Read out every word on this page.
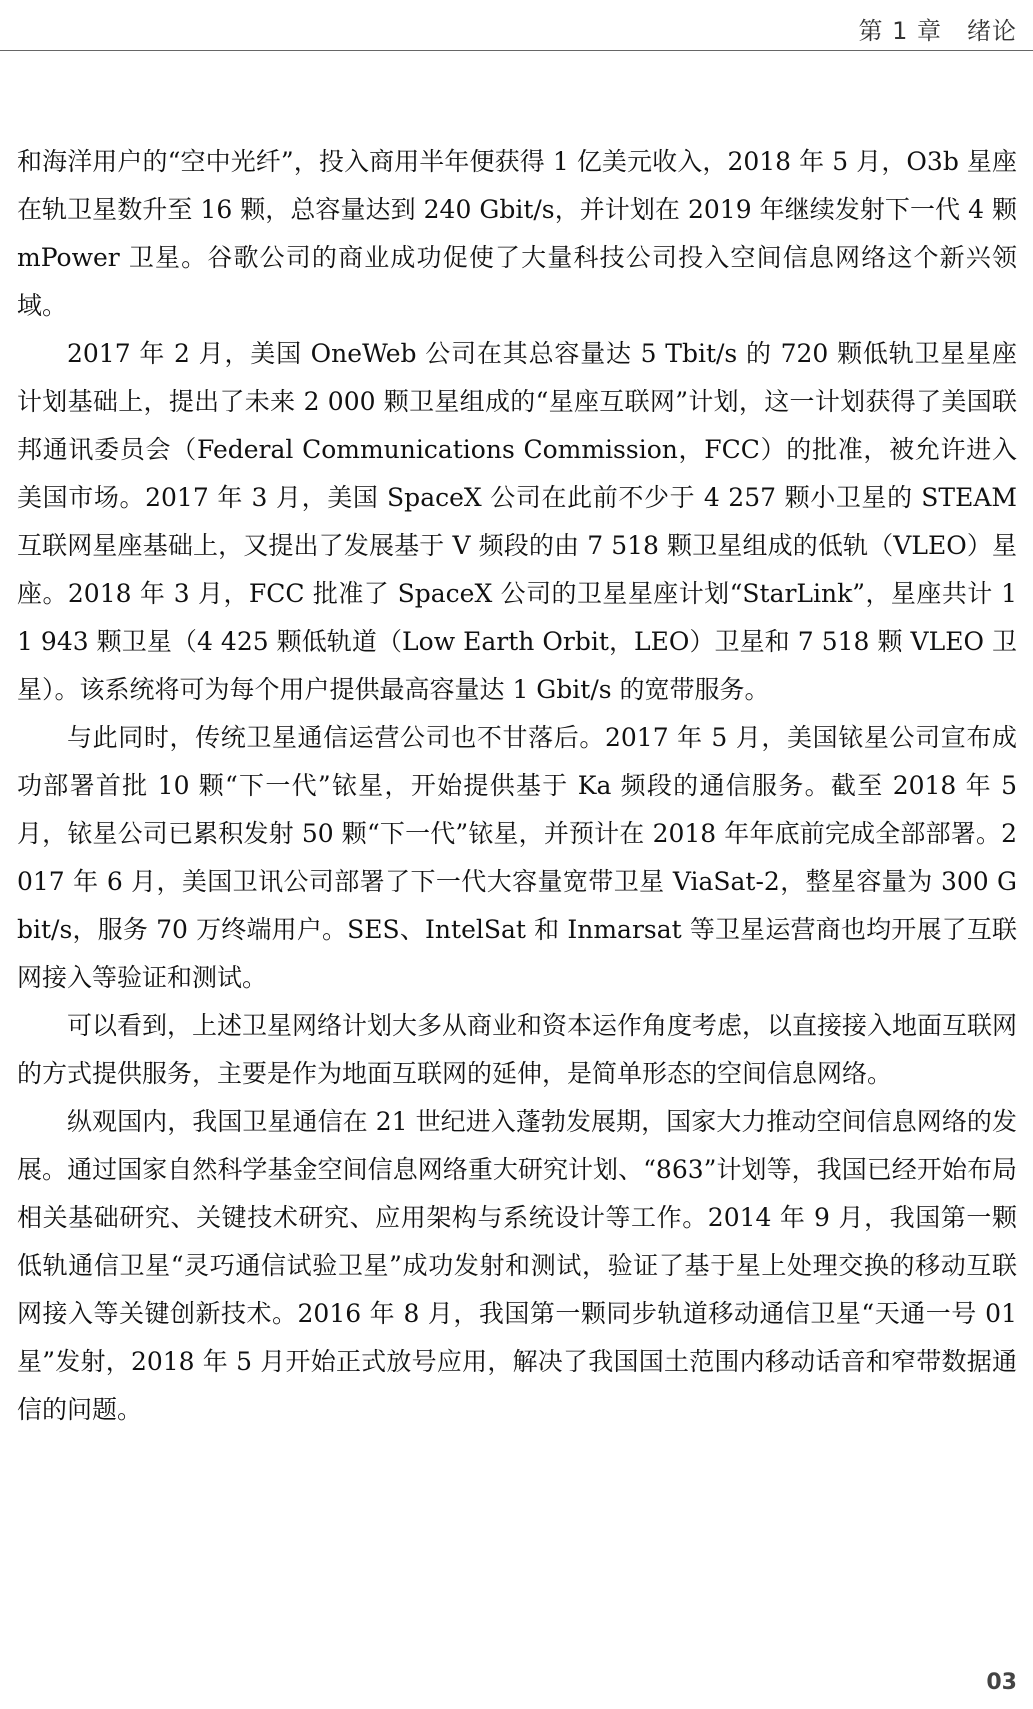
第 1 章　绪论

和海洋用户的“空中光纤”，投入商用半年便获得 1 亿美元收入，2018 年 5 月，O3b 星座在轨卫星数升至 16 颗，总容量达到 240 Gbit/s，并计划在 2019 年继续发射下一代 4 颗 mPower 卫星。谷歌公司的商业成功促使了大量科技公司投入空间信息网络这个新兴领域。

2017 年 2 月，美国 OneWeb 公司在其总容量达 5 Tbit/s 的 720 颗低轨卫星星座计划基础上，提出了未来 2 000 颗卫星组成的“星座互联网”计划，这一计划获得了美国联邦通讯委员会（Federal Communications Commission，FCC）的批准，被允许进入美国市场。2017 年 3 月，美国 SpaceX 公司在此前不少于 4 257 颗小卫星的 STEAM 互联网星座基础上，又提出了发展基于 V 频段的由 7 518 颗卫星组成的低轨（VLEO）星座。2018 年 3 月，FCC 批准了 SpaceX 公司的卫星星座计划“StarLink”，星座共计 11 943 颗卫星（4 425 颗低轨道（Low Earth Orbit，LEO）卫星和 7 518 颗 VLEO 卫星）。该系统将可为每个用户提供最高容量达 1 Gbit/s 的宽带服务。

与此同时，传统卫星通信运营公司也不甘落后。2017 年 5 月，美国铱星公司宣布成功部署首批 10 颗“下一代”铱星，开始提供基于 Ka 频段的通信服务。截至 2018 年 5 月，铱星公司已累积发射 50 颗“下一代”铱星，并预计在 2018 年年底前完成全部部署。2017 年 6 月，美国卫讯公司部署了下一代大容量宽带卫星 ViaSat-2，整星容量为 300 Gbit/s，服务 70 万终端用户。SES、IntelSat 和 Inmarsat 等卫星运营商也均开展了互联网接入等验证和测试。

可以看到，上述卫星网络计划大多从商业和资本运作角度考虑，以直接接入地面互联网的方式提供服务，主要是作为地面互联网的延伸，是简单形态的空间信息网络。

纵观国内，我国卫星通信在 21 世纪进入蓬勃发展期，国家大力推动空间信息网络的发展。通过国家自然科学基金空间信息网络重大研究计划、“863”计划等，我国已经开始布局相关基础研究、关键技术研究、应用架构与系统设计等工作。2014 年 9 月，我国第一颗低轨通信卫星“灵巧通信试验卫星”成功发射和测试，验证了基于星上处理交换的移动互联网接入等关键创新技术。2016 年 8 月，我国第一颗同步轨道移动通信卫星“天通一号 01 星”发射，2018 年 5 月开始正式放号应用，解决了我国国土范围内移动话音和窄带数据通信的问题。

03
